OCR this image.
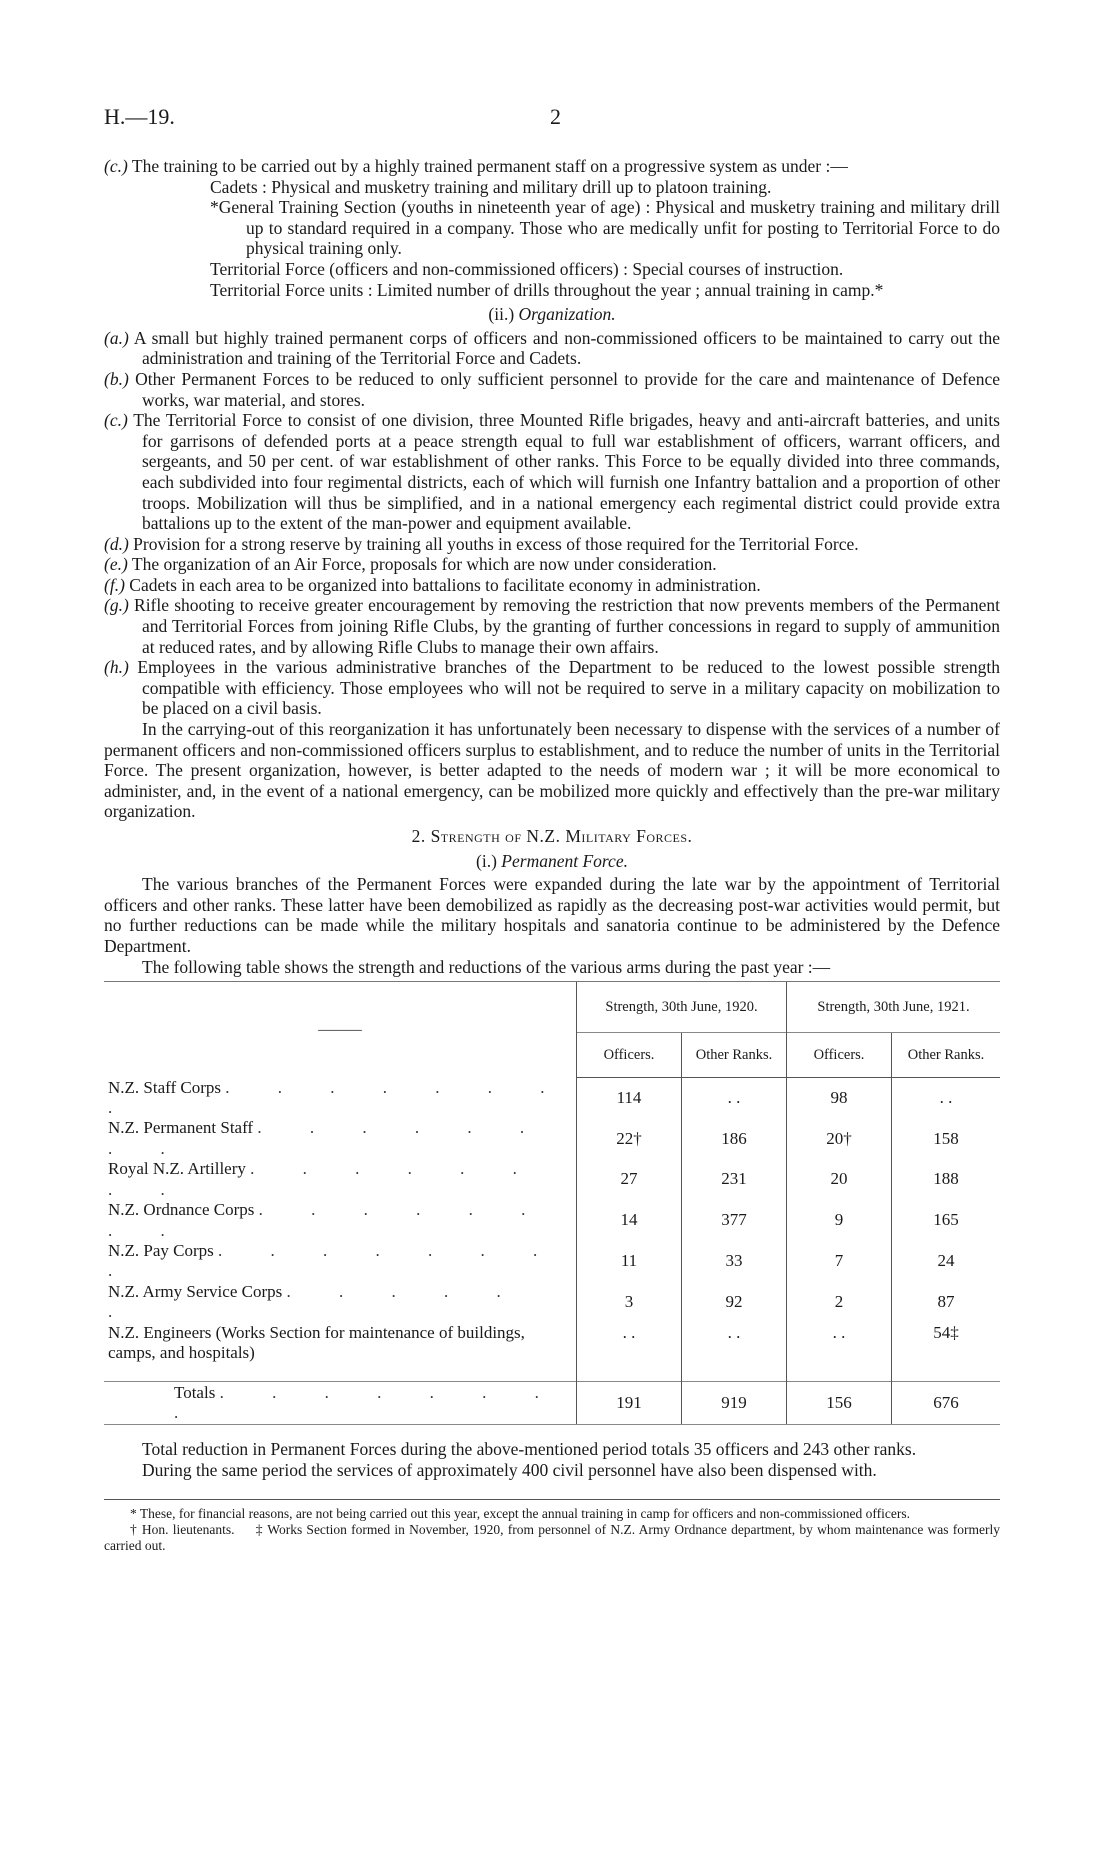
H.—19.	2

(c.) The training to be carried out by a highly trained permanent staff on a progressive system as under :—

Cadets : Physical and musketry training and military drill up to platoon training.

*General Training Section (youths in nineteenth year of age) : Physical and musketry training and military drill up to standard required in a company. Those who are medically unfit for posting to Territorial Force to do physical training only.

Territorial Force (officers and non-commissioned officers) : Special courses of instruction.

Territorial Force units : Limited number of drills throughout the year ; annual training in camp.*

(ii.) Organization.

(a.) A small but highly trained permanent corps of officers and non-commissioned officers to be maintained to carry out the administration and training of the Territorial Force and Cadets.

(b.) Other Permanent Forces to be reduced to only sufficient personnel to provide for the care and maintenance of Defence works, war material, and stores.

(c.) The Territorial Force to consist of one division, three Mounted Rifle brigades, heavy and anti-aircraft batteries, and units for garrisons of defended ports at a peace strength equal to full war establishment of officers, warrant officers, and sergeants, and 50 per cent. of war establishment of other ranks. This Force to be equally divided into three commands, each subdivided into four regimental districts, each of which will furnish one Infantry battalion and a proportion of other troops. Mobilization will thus be simplified, and in a national emergency each regimental district could provide extra battalions up to the extent of the man-power and equipment available.

(d.) Provision for a strong reserve by training all youths in excess of those required for the Territorial Force.

(e.) The organization of an Air Force, proposals for which are now under consideration.

(f.) Cadets in each area to be organized into battalions to facilitate economy in administration.

(g.) Rifle shooting to receive greater encouragement by removing the restriction that now prevents members of the Permanent and Territorial Forces from joining Rifle Clubs, by the granting of further concessions in regard to supply of ammunition at reduced rates, and by allowing Rifle Clubs to manage their own affairs.

(h.) Employees in the various administrative branches of the Department to be reduced to the lowest possible strength compatible with efficiency. Those employees who will not be required to serve in a military capacity on mobilization to be placed on a civil basis.

In the carrying-out of this reorganization it has unfortunately been necessary to dispense with the services of a number of permanent officers and non-commissioned officers surplus to establishment, and to reduce the number of units in the Territorial Force. The present organization, however, is better adapted to the needs of modern war ; it will be more economical to administer, and, in the event of a national emergency, can be mobilized more quickly and effectively than the pre-war military organization.

2. Strength of N.Z. Military Forces.

(i.) Permanent Force.

The various branches of the Permanent Forces were expanded during the late war by the appointment of Territorial officers and other ranks. These latter have been demobilized as rapidly as the decreasing post-war activities would permit, but no further reductions can be made while the military hospitals and sanatoria continue to be administered by the Defence Department.

The following table shows the strength and reductions of the various arms during the past year :—

———	Strength, 30th June, 1920.		Strength, 30th June, 1921.	
	Officers.	Other Ranks.	Officers.	Other Ranks.
N.Z. Staff Corps . . . . . . . .	114	. .	98	. .
N.Z. Permanent Staff . . . . . . . .	22†	186	20†	158
Royal N.Z. Artillery . . . . . . . .	27	231	20	188
N.Z. Ordnance Corps . . . . . . . .	14	377	9	165
N.Z. Pay Corps . . . . . . . .	11	33	7	24
N.Z. Army Service Corps . . . . . .	3	92	2	87
N.Z. Engineers (Works Section for maintenance of buildings, camps, and hospitals)	. .	. .	. .	54‡

Totals . . . . . . . .	191	919	156	676

Total reduction in Permanent Forces during the above-mentioned period totals 35 officers and 243 other ranks.

During the same period the services of approximately 400 civil personnel have also been dispensed with.

* These, for financial reasons, are not being carried out this year, except the annual training in camp for officers and non-commissioned officers.

† Hon. lieutenants. ‡ Works Section formed in November, 1920, from personnel of N.Z. Army Ordnance department, by whom maintenance was formerly carried out.
